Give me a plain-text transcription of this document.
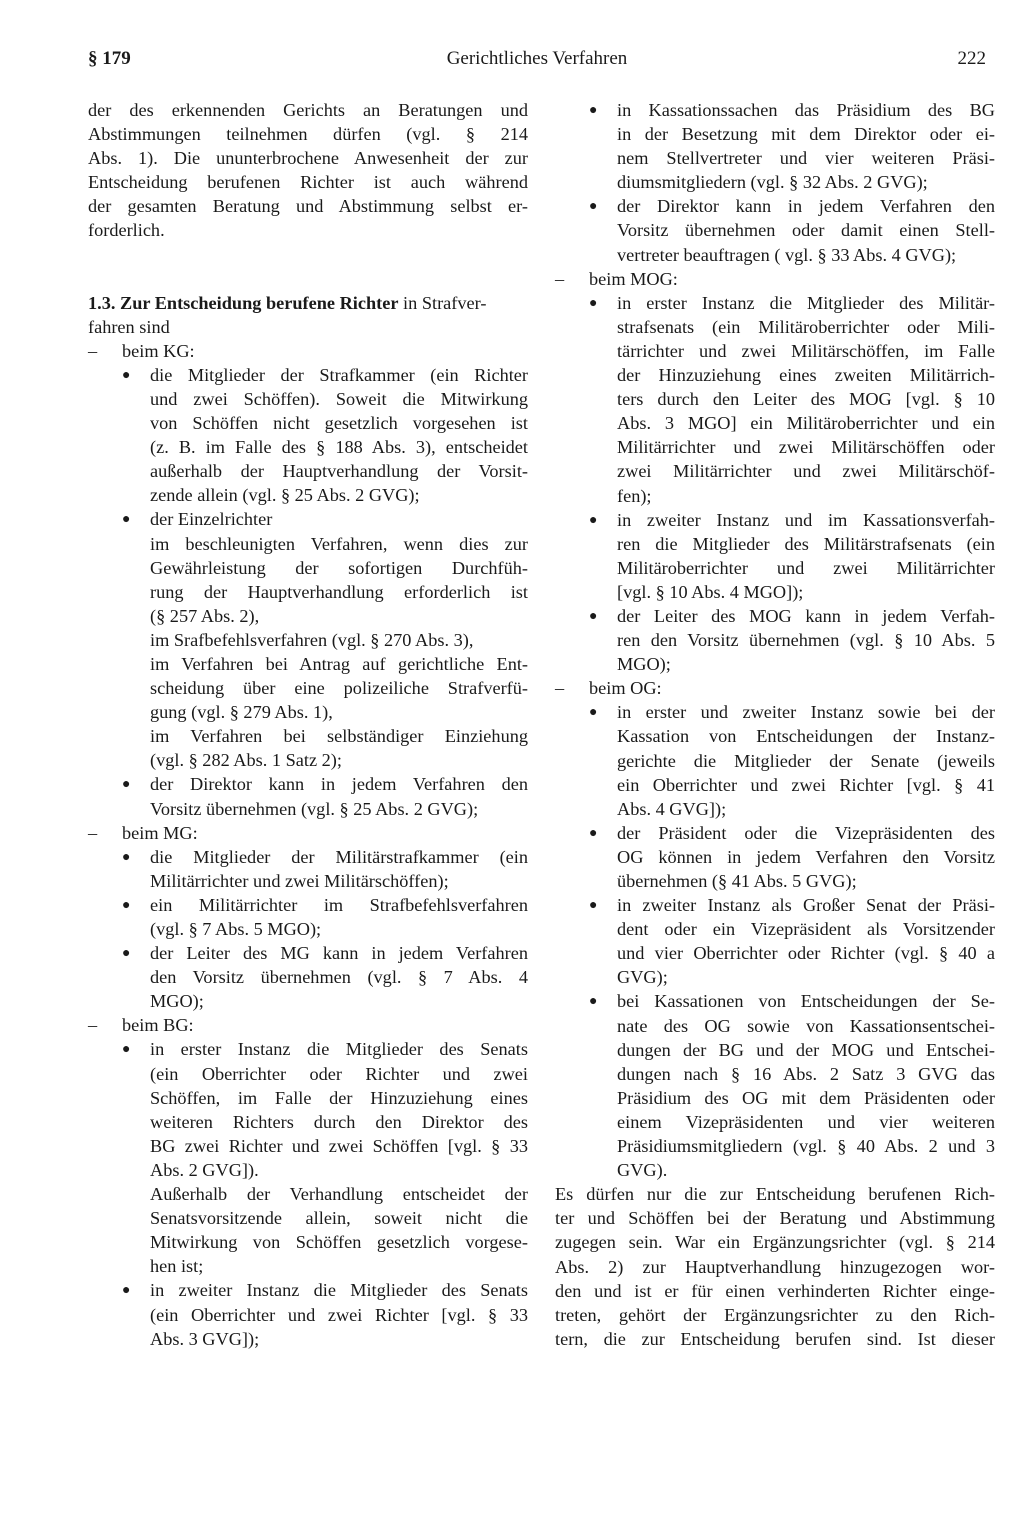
§ 179	Gerichtliches Verfahren	222
der des erkennenden Gerichts an Beratungen und
Abstimmungen teilnehmen dürfen (vgl. § 214
Abs. 1). Die ununterbrochene Anwesenheit der zur
Entscheidung berufenen Richter ist auch während
der gesamten Beratung und Abstimmung selbst er-
forderlich.
1.3. Zur Entscheidung berufene Richter in Strafver-
fahren sind
– beim KG:
● die Mitglieder der Strafkammer (ein Richter
und zwei Schöffen). Soweit die Mitwirkung
von Schöffen nicht gesetzlich vorgesehen ist
(z. B. im Falle des § 188 Abs. 3), entscheidet
außerhalb der Hauptverhandlung der Vorsit-
zende allein (vgl. § 25 Abs. 2 GVG);
● der Einzelrichter
im beschleunigten Verfahren, wenn dies zur
Gewährleistung der sofortigen Durchfüh-
rung der Hauptverhandlung erforderlich ist
(§ 257 Abs. 2),
im Srafbefehlsverfahren (vgl. § 270 Abs. 3),
im Verfahren bei Antrag auf gerichtliche Ent-
scheidung über eine polizeiliche Strafverfü-
gung (vgl. § 279 Abs. 1),
im Verfahren bei selbständiger Einziehung
(vgl. § 282 Abs. 1 Satz 2);
● der Direktor kann in jedem Verfahren den
Vorsitz übernehmen (vgl. § 25 Abs. 2 GVG);
– beim MG:
● die Mitglieder der Militärstrafkammer (ein
Militärrichter und zwei Militärschöffen);
● ein Militärrichter im Strafbefehlsverfahren
(vgl. § 7 Abs. 5 MGO);
● der Leiter des MG kann in jedem Verfahren
den Vorsitz übernehmen (vgl. § 7 Abs. 4
MGO);
– beim BG:
● in erster Instanz die Mitglieder des Senats
(ein Oberrichter oder Richter und zwei
Schöffen, im Falle der Hinzuziehung eines
weiteren Richters durch den Direktor des
BG zwei Richter und zwei Schöffen [vgl. § 33
Abs. 2 GVG]).
Außerhalb der Verhandlung entscheidet der
Senatsvorsitzende allein, soweit nicht die
Mitwirkung von Schöffen gesetzlich vorgese-
hen ist;
● in zweiter Instanz die Mitglieder des Senats
(ein Oberrichter und zwei Richter [vgl. § 33
Abs. 3 GVG]);
● in Kassationssachen das Präsidium des BG
in der Besetzung mit dem Direktor oder ei-
nem Stellvertreter und vier weiteren Präsi-
diumsmitgliedern (vgl. § 32 Abs. 2 GVG);
● der Direktor kann in jedem Verfahren den
Vorsitz übernehmen oder damit einen Stell-
vertreter beauftragen ( vgl. § 33 Abs. 4 GVG);
– beim MOG:
● in erster Instanz die Mitglieder des Militär-
strafsenats (ein Militäroberrichter oder Mili-
tärrichter und zwei Militärschöffen, im Falle
der Hinzuziehung eines zweiten Militärrich-
ters durch den Leiter des MOG [vgl. § 10
Abs. 3 MGO] ein Militäroberrichter und ein
Militärrichter und zwei Militärschöffen oder
zwei Militärrichter und zwei Militärschöf-
fen);
● in zweiter Instanz und im Kassationsverfah-
ren die Mitglieder des Militärstrafsenats (ein
Militäroberrichter und zwei Militärrichter
[vgl. § 10 Abs. 4 MGO]);
● der Leiter des MOG kann in jedem Verfah-
ren den Vorsitz übernehmen (vgl. § 10 Abs. 5
MGO);
– beim OG:
● in erster und zweiter Instanz sowie bei der
Kassation von Entscheidungen der Instanz-
gerichte die Mitglieder der Senate (jeweils
ein Oberrichter und zwei Richter [vgl. § 41
Abs. 4 GVG]);
● der Präsident oder die Vizepräsidenten des
OG können in jedem Verfahren den Vorsitz
übernehmen (§ 41 Abs. 5 GVG);
● in zweiter Instanz als Großer Senat der Präsi-
dent oder ein Vizepräsident als Vorsitzender
und vier Oberrichter oder Richter (vgl. § 40 a
GVG);
● bei Kassationen von Entscheidungen der Se-
nate des OG sowie von Kassationsentschei-
dungen der BG und der MOG und Entschei-
dungen nach § 16 Abs. 2 Satz 3 GVG das
Präsidium des OG mit dem Präsidenten oder
einem Vizepräsidenten und vier weiteren
Präsidiumsmitgliedern (vgl. § 40 Abs. 2 und 3
GVG).
Es dürfen nur die zur Entscheidung berufenen Rich-
ter und Schöffen bei der Beratung und Abstimmung
zugegen sein. War ein Ergänzungsrichter (vgl. § 214
Abs. 2) zur Hauptverhandlung hinzugezogen wor-
den und ist er für einen verhinderten Richter einge-
treten, gehört der Ergänzungsrichter zu den Rich-
tern, die zur Entscheidung berufen sind. Ist dieser
